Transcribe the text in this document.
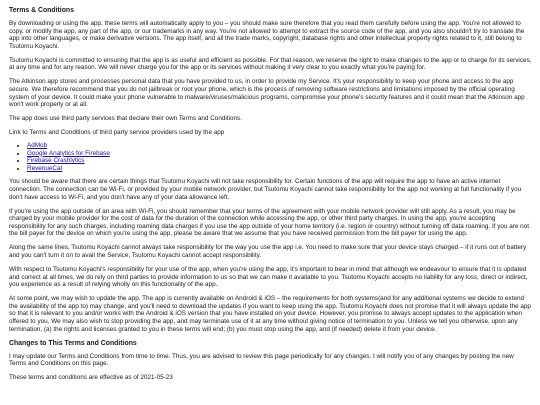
Terms & Conditions

By downloading or using the app, these terms will automatically apply to you – you should make sure therefore that you read them carefully before using the app. You're not allowed to copy, or modify the app, any part of the app, or our trademarks in any way. You're not allowed to attempt to extract the source code of the app, and you also shouldn't try to translate the app into other languages, or make derivative versions. The app itself, and all the trade marks, copyright, database rights and other intellectual property rights related to it, still belong to Tsutomu Koyachi.

Tsutomu Koyachi is committed to ensuring that the app is as useful and efficient as possible. For that reason, we reserve the right to make changes to the app or to charge for its services, at any time and for any reason. We will never charge you for the app or its services without making it very clear to you exactly what you're paying for.

The Atkinson app stores and processes personal data that you have provided to us, in order to provide my Service. It's your responsibility to keep your phone and access to the app secure. We therefore recommend that you do not jailbreak or root your phone, which is the process of removing software restrictions and limitations imposed by the official operating system of your device. It could make your phone vulnerable to malware/viruses/malicious programs, compromise your phone's security features and it could mean that the Atkinson app won't work properly or at all.

The app does use third party services that declare their own Terms and Conditions.

Link to Terms and Conditions of third party service providers used by the app

• AdMob
• Google Analytics for Firebase
• Firebase Crashlytics
• RevenueCat

You should be aware that there are certain things that Tsutomu Koyachi will not take responsibility for. Certain functions of the app will require the app to have an active internet connection. The connection can be Wi-Fi, or provided by your mobile network provider, but Tsutomu Koyachi cannot take responsibility for the app not working at full functionality if you don't have access to Wi-Fi, and you don't have any of your data allowance left.

If you're using the app outside of an area with Wi-Fi, you should remember that your terms of the agreement with your mobile network provider will still apply. As a result, you may be charged by your mobile provider for the cost of data for the duration of the connection while accessing the app, or other third party charges. In using the app, you're accepting responsibility for any such charges, including roaming data charges if you use the app outside of your home territory (i.e. region or country) without turning off data roaming. If you are not the bill payer for the device on which you're using the app, please be aware that we assume that you have received permission from the bill payer for using the app.

Along the same lines, Tsutomu Koyachi cannot always take responsibility for the way you use the app i.e. You need to make sure that your device stays charged – if it runs out of battery and you can't turn it on to avail the Service, Tsutomu Koyachi cannot accept responsibility.

With respect to Tsutomu Koyachi's responsibility for your use of the app, when you're using the app, it's important to bear in mind that although we endeavour to ensure that it is updated and correct at all times, we do rely on third parties to provide information to us so that we can make it available to you. Tsutomu Koyachi accepts no liability for any loss, direct or indirect, you experience as a result of relying wholly on this functionality of the app.

At some point, we may wish to update the app. The app is currently available on Android & iOS – the requirements for both systems(and for any additional systems we decide to extend the availability of the app to) may change, and you'll need to download the updates if you want to keep using the app. Tsutomu Koyachi does not promise that it will always update the app so that it is relevant to you and/or works with the Android & iOS version that you have installed on your device. However, you promise to always accept updates to the application when offered to you, We may also wish to stop providing the app, and may terminate use of it at any time without giving notice of termination to you. Unless we tell you otherwise, upon any termination, (a) the rights and licenses granted to you in these terms will end; (b) you must stop using the app, and (if needed) delete it from your device.

Changes to This Terms and Conditions

I may update our Terms and Conditions from time to time. Thus, you are advised to review this page periodically for any changes. I will notify you of any changes by posting the new Terms and Conditions on this page.

These terms and conditions are effective as of 2021-05-23
